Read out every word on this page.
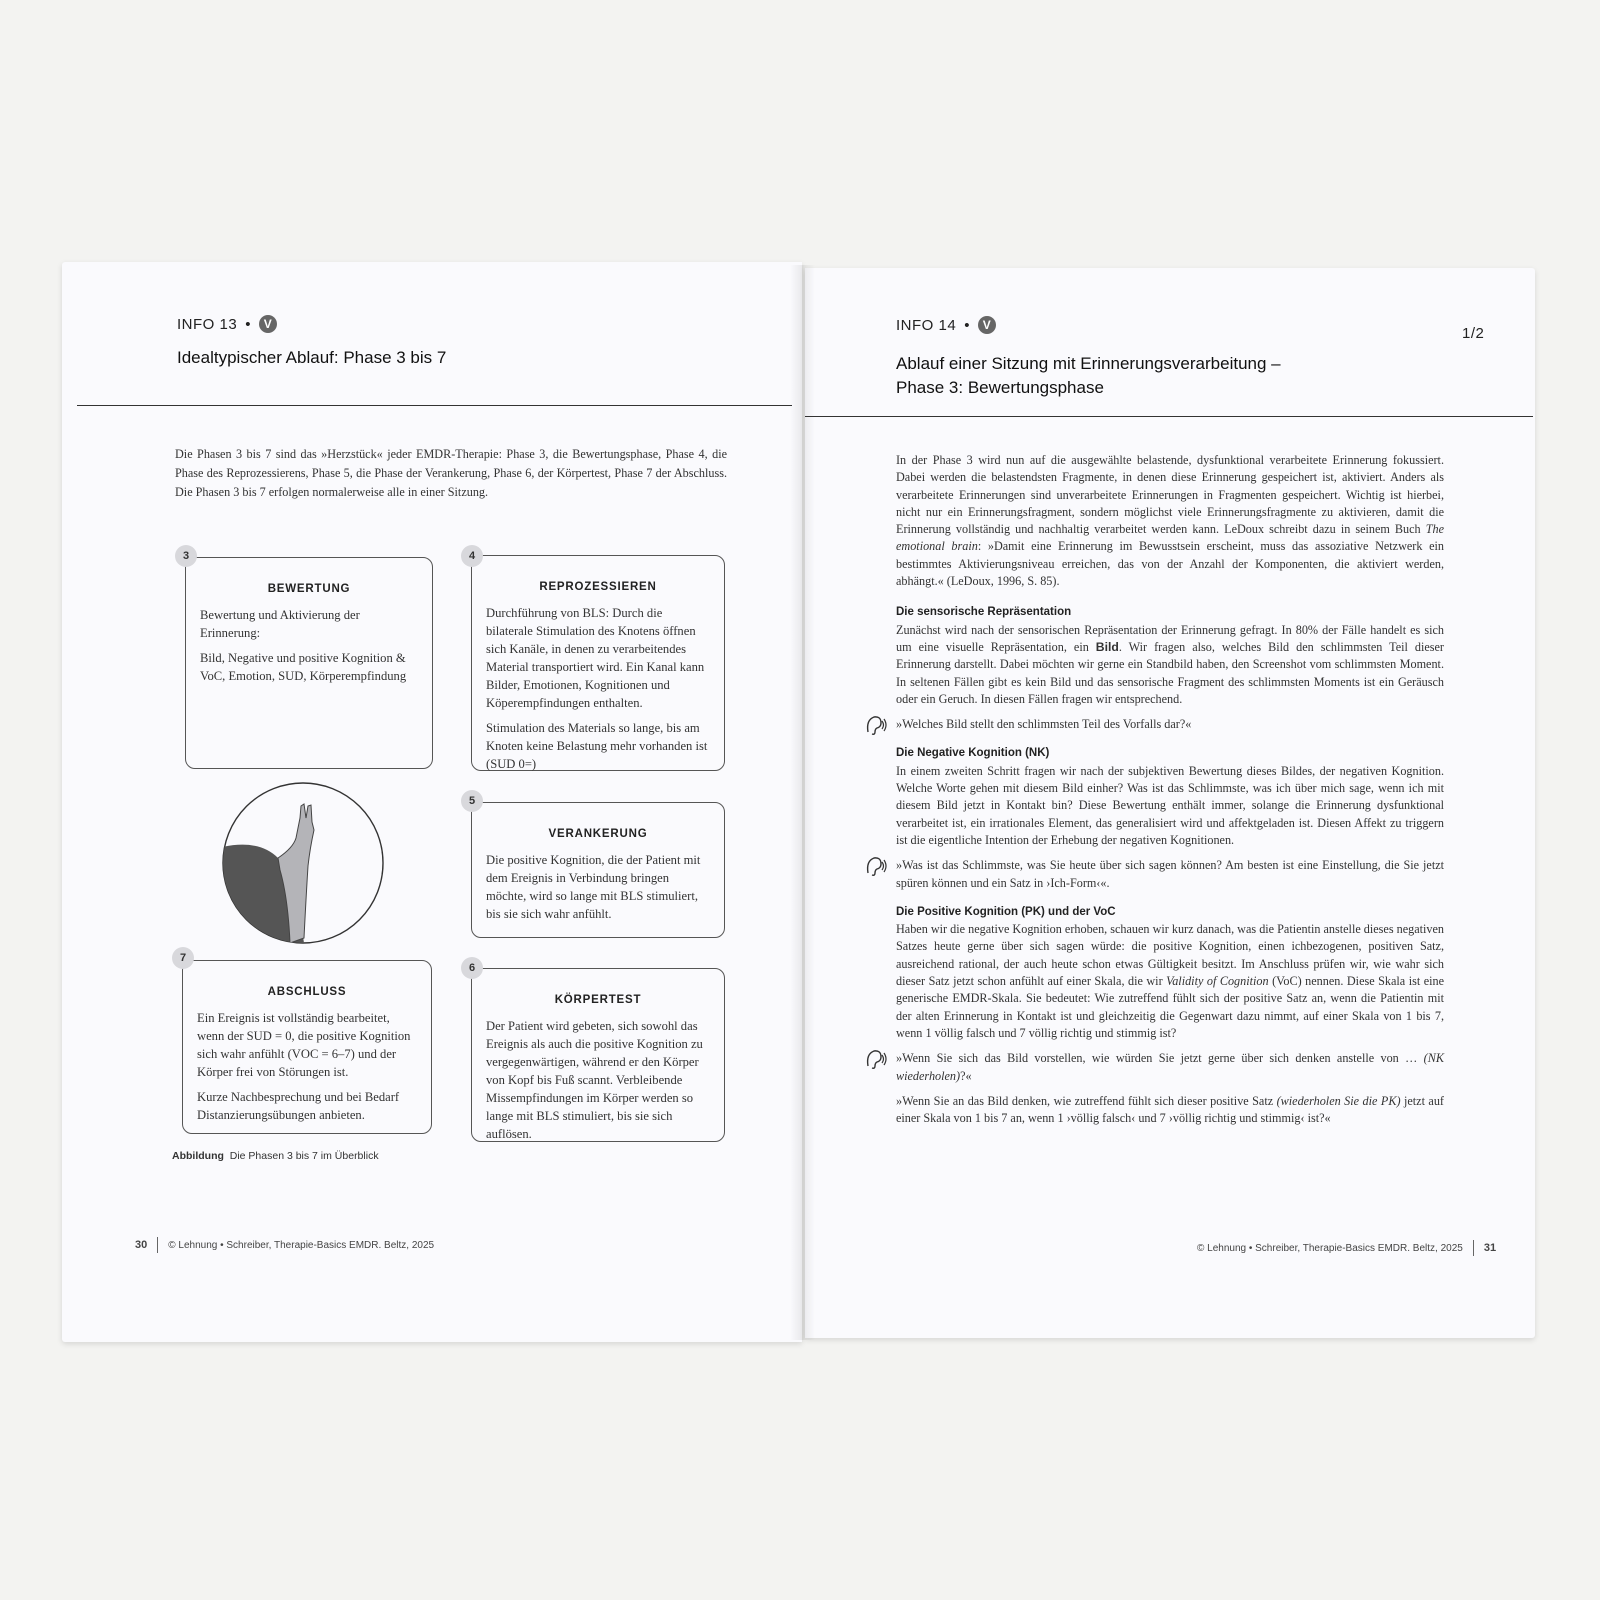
INFO 13 •	V
Idealtypischer Ablauf: Phase 3 bis 7
Die Phasen 3 bis 7 sind das »Herzstück« jeder EMDR-Therapie: Phase 3, die Bewertungsphase, Phase 4, die Phase des Reprozessierens, Phase 5, die Phase der Verankerung, Phase 6, der Körpertest, Phase 7 der Abschluss. Die Phasen 3 bis 7 erfolgen normalerweise alle in einer Sitzung.
BEWERTUNG

Bewertung und Aktivierung der Erinnerung:

Bild, Negative und positive Kognition & VoC, Emotion, SUD, Körperempfindung

3
REPROZESSIEREN

Durchführung von BLS: Durch die bilaterale Stimulation des Knotens öffnen sich Kanäle, in denen zu verarbeitendes Material transportiert wird. Ein Kanal kann Bilder, Emotionen, Kognitionen und Köperempfindungen enthalten.

Stimulation des Materials so lange, bis am Knoten keine Belastung mehr vorhanden ist (SUD 0=)

4
VERANKERUNG

Die positive Kognition, die der Patient mit dem Ereignis in Verbindung bringen möchte, wird so lange mit BLS stimuliert, bis sie sich wahr anfühlt.

5
ABSCHLUSS

Ein Ereignis ist vollständig bearbeitet, wenn der SUD = 0, die positive Kognition sich wahr anfühlt (VOC = 6–7) und der Körper frei von Störungen ist.

Kurze Nachbesprechung und bei Bedarf Distanzierungsübungen anbieten.

7
KÖRPERTEST

Der Patient wird gebeten, sich sowohl das Ereignis als auch die positive Kognition zu vergegenwärtigen, während er den Körper von Kopf bis Fuß scannt. Verbleibende Missempfindungen im Körper werden so lange mit BLS stimuliert, bis sie sich auflösen.

6
Abbildung Die Phasen 3 bis 7 im Überblick
30 © Lehnung • Schreiber, Therapie-Basics EMDR. Beltz, 2025
INFO 14 •	V	1/2
Ablauf einer Sitzung mit Erinnerungsverarbeitung –
Phase 3: Bewertungsphase
In der Phase 3 wird nun auf die ausgewählte belastende, dysfunktional verarbeitete Erinnerung fokussiert. Dabei werden die belastendsten Fragmente, in denen diese Erinnerung gespeichert ist, aktiviert. Anders als verarbeitete Erinnerungen sind unverarbeitete Erinnerungen in Fragmenten gespeichert. Wichtig ist hierbei, nicht nur ein Erinnerungsfragment, sondern möglichst viele Erinnerungsfragmente zu aktivieren, damit die Erinnerung vollständig und nachhaltig verarbeitet werden kann. LeDoux schreibt dazu in seinem Buch The emotional brain: »Damit eine Erinnerung im Bewusstsein erscheint, muss das assoziative Netzwerk ein bestimmtes Aktivierungsniveau erreichen, das von der Anzahl der Komponenten, die aktiviert werden, abhängt.« (LeDoux, 1996, S. 85).
Die sensorische Repräsentation
Zunächst wird nach der sensorischen Repräsentation der Erinnerung gefragt. In 80% der Fälle handelt es sich um eine visuelle Repräsentation, ein Bild. Wir fragen also, welches Bild den schlimmsten Teil dieser Erinnerung darstellt. Dabei möchten wir gerne ein Standbild haben, den Screenshot vom schlimmsten Moment. In seltenen Fällen gibt es kein Bild und das sensorische Fragment des schlimmsten Moments ist ein Geräusch oder ein Geruch. In diesen Fällen fragen wir entsprechend.
»Welches Bild stellt den schlimmsten Teil des Vorfalls dar?«
Die Negative Kognition (NK)
In einem zweiten Schritt fragen wir nach der subjektiven Bewertung dieses Bildes, der negativen Kognition. Welche Worte gehen mit diesem Bild einher? Was ist das Schlimmste, was ich über mich sage, wenn ich mit diesem Bild jetzt in Kontakt bin? Diese Bewertung enthält immer, solange die Erinnerung dysfunktional verarbeitet ist, ein irrationales Element, das generalisiert wird und affektgeladen ist. Diesen Affekt zu triggern ist die eigentliche Intention der Erhebung der negativen Kognitionen.
»Was ist das Schlimmste, was Sie heute über sich sagen können? Am besten ist eine Einstellung, die Sie jetzt spüren können und ein Satz in ›Ich-Form‹«.
Die Positive Kognition (PK) und der VoC
Haben wir die negative Kognition erhoben, schauen wir kurz danach, was die Patientin anstelle dieses negativen Satzes heute gerne über sich sagen würde: die positive Kognition, einen ichbezogenen, positiven Satz, ausreichend rational, der auch heute schon etwas Gültigkeit besitzt. Im Anschluss prüfen wir, wie wahr sich dieser Satz jetzt schon anfühlt auf einer Skala, die wir Validity of Cognition (VoC) nennen. Diese Skala ist eine generische EMDR-Skala. Sie bedeutet: Wie zutreffend fühlt sich der positive Satz an, wenn die Patientin mit der alten Erinnerung in Kontakt ist und gleichzeitig die Gegenwart dazu nimmt, auf einer Skala von 1 bis 7, wenn 1 völlig falsch und 7 völlig richtig und stimmig ist?
»Wenn Sie sich das Bild vorstellen, wie würden Sie jetzt gerne über sich denken anstelle von … (NK wiederholen)?«
»Wenn Sie an das Bild denken, wie zutreffend fühlt sich dieser positive Satz (wiederholen Sie die PK) jetzt auf einer Skala von 1 bis 7 an, wenn 1 ›völlig falsch‹ und 7 ›völlig richtig und stimmig‹ ist?«
© Lehnung • Schreiber, Therapie-Basics EMDR. Beltz, 2025 31
